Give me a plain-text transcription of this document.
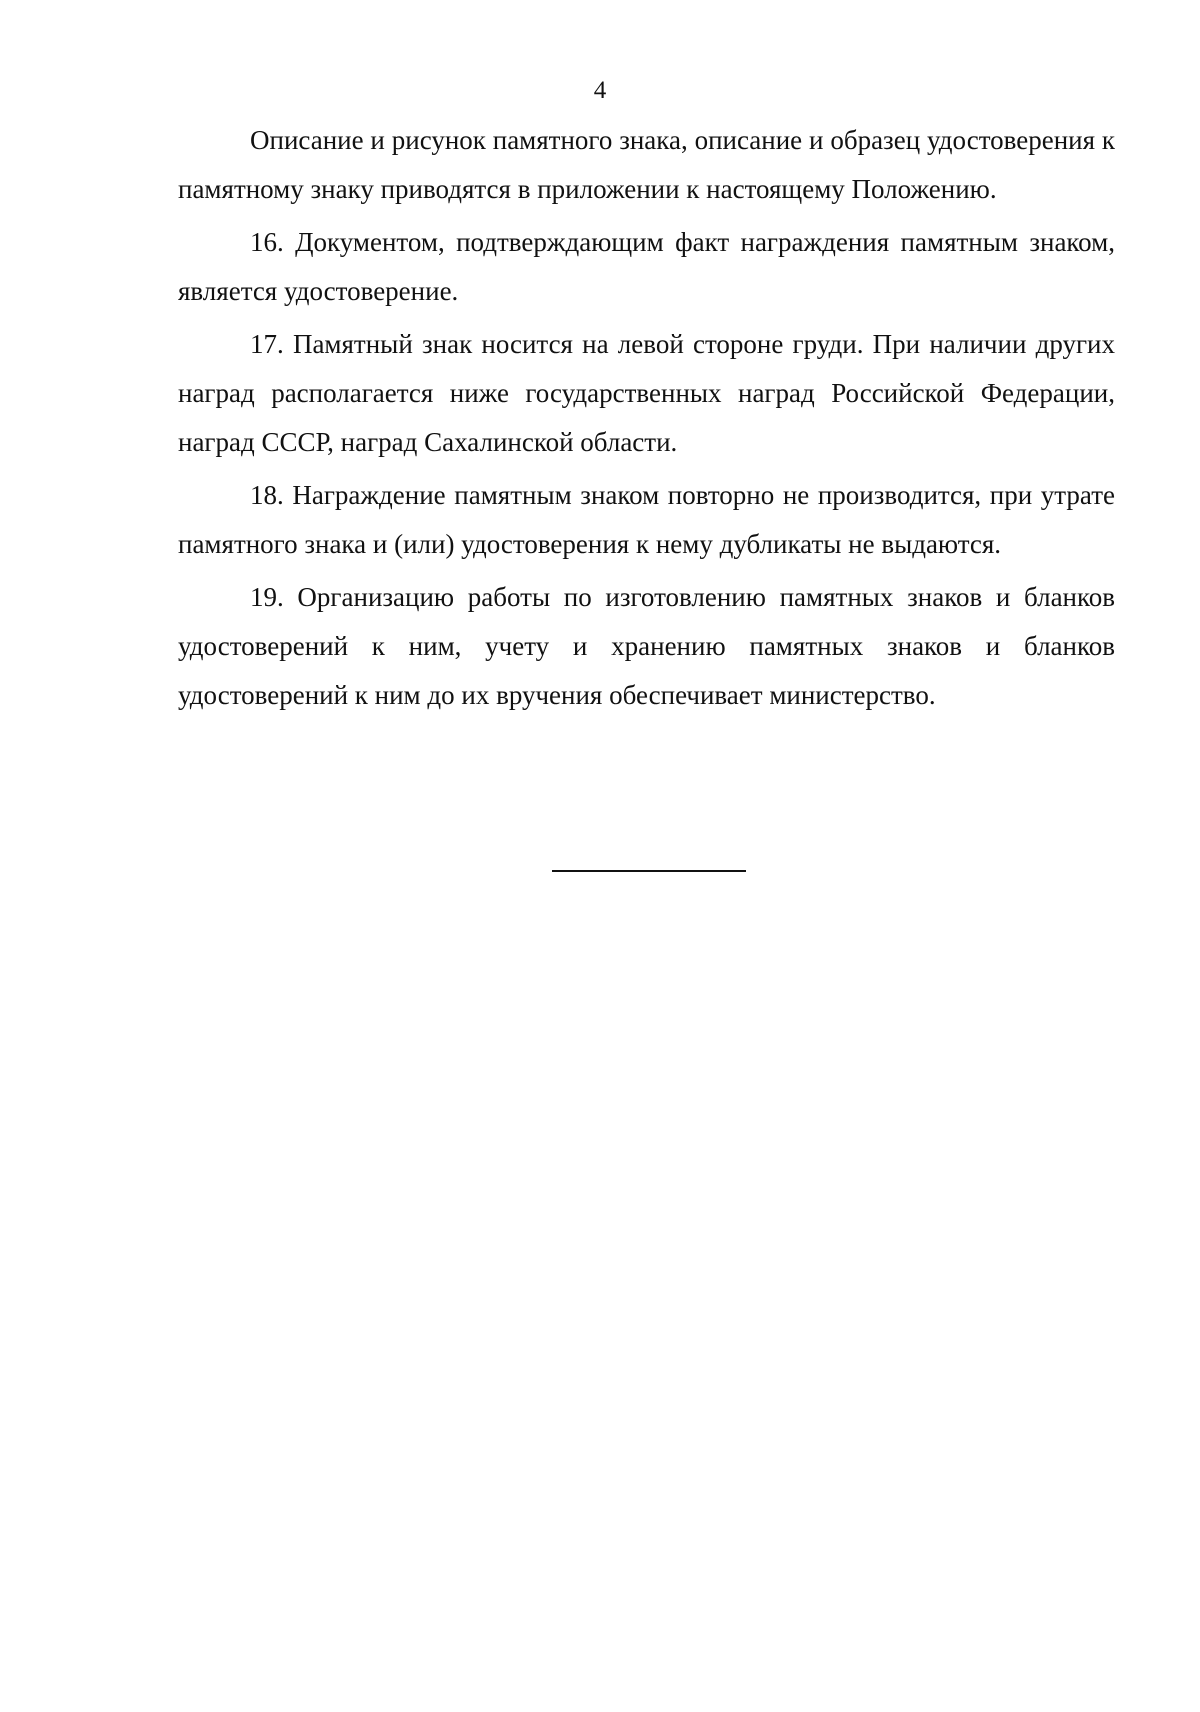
4

Описание и рисунок памятного знака, описание и образец удостоверения к памятному знаку приводятся в приложении к настоящему Положению.

16. Документом, подтверждающим факт награждения памятным знаком, является удостоверение.

17. Памятный знак носится на левой стороне груди. При наличии других наград располагается ниже государственных наград Российской Федерации, наград СССР, наград Сахалинской области.

18. Награждение памятным знаком повторно не производится, при утрате памятного знака и (или) удостоверения к нему дубликаты не выдаются.

19. Организацию работы по изготовлению памятных знаков и бланков удостоверений к ним, учету и хранению памятных знаков и бланков удостоверений к ним до их вручения обеспечивает министерство.
